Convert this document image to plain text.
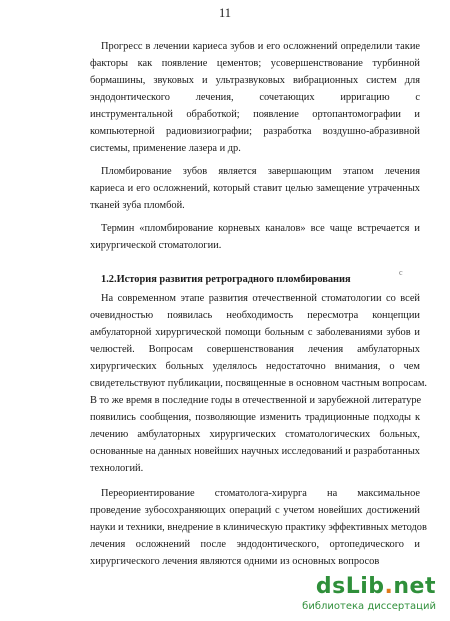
11
Прогресс в лечении кариеса зубов и его осложнений определили такие
факторы как появление цементов; усовершенствование турбинной
бормашины, звуковых и ультразвуковых вибрационных систем для
эндодонтического лечения, сочетающих ирригацию с
инструментальной обработкой; появление ортопантомографии и
компьютерной радиовизиографии; разработка воздушно-абразивной
системы, применение лазера и др.
Пломбирование зубов является завершающим этапом лечения
кариеса и его осложнений, который ставит целью замещение утраченных
тканей зуба пломбой.
Термин «пломбирование корневых каналов» все чаще встречается и
хирургической стоматологии.
1.2.История развития ретроградного пломбирования
с
На современном этапе развития отечественной стоматологии со всей
очевидностью появилась необходимость пересмотра концепции
амбулаторной хирургической помощи больным с заболеваниями зубов и
челюстей. Вопросам совершенствования лечения амбулаторных
хирургических больных уделялось недостаточно внимания, о чем
свидетельствуют публикации, посвященные в основном частным вопросам.
В то же время в последние годы в отечественной и зарубежной литературе
появились сообщения, позволяющие изменить традиционные подходы к
лечению амбулаторных хирургических стоматологических больных,
основанные на данных новейших научных исследований и разработанных
технологий.
Переориентирование стоматолога-хирурга на максимальное
проведение зубосохраняющих операций с учетом новейших достижений
науки и техники, внедрение в клиническую практику эффективных методов
лечения осложнений после эндодонтического, ортопедического и
хирургического лечения являются одними из основных вопросов
dsLib.net
библиотека диссертаций
